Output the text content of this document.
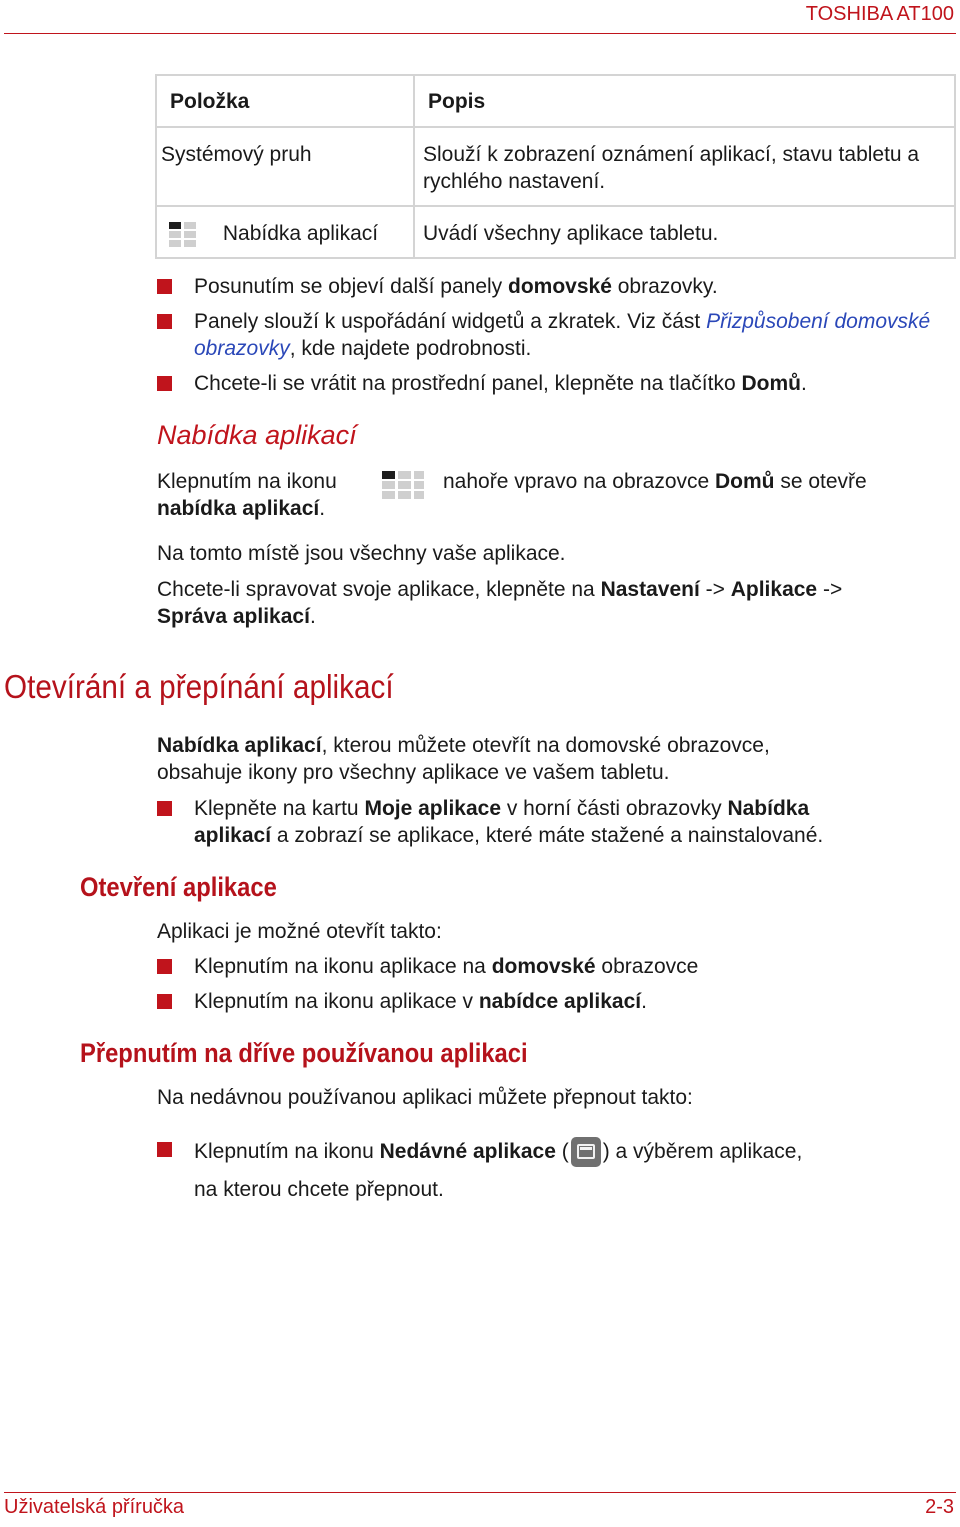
TOSHIBA AT100
Položka	Popis
Systémový pruh	Slouží k zobrazení oznámení aplikací, stavu tabletu a rychlého nastavení.

Nabídka aplikací	Uvádí všechny aplikace tabletu.
Posunutím se objeví další panely domovské obrazovky.
Panely slouží k uspořádání widgetů a zkratek. Viz část Přizpůsobení domovské obrazovky, kde najdete podrobnosti.
Chcete-li se vrátit na prostřední panel, klepněte na tlačítko Domů.
Nabídka aplikací
Klepnutím na ikonu	nahoře vpravo na obrazovce Domů se otevře
nabídka aplikací.
Na tomto místě jsou všechny vaše aplikace.
Chcete-li spravovat svoje aplikace, klepněte na Nastavení -> Aplikace ->
Správa aplikací.
Otevírání a přepínání aplikací
Nabídka aplikací, kterou můžete otevřít na domovské obrazovce,
obsahuje ikony pro všechny aplikace ve vašem tabletu.
Klepněte na kartu Moje aplikace v horní části obrazovky Nabídka
aplikací a zobrazí se aplikace, které máte stažené a nainstalované.
Otevření aplikace
Aplikaci je možné otevřít takto:
Klepnutím na ikonu aplikace na domovské obrazovce
Klepnutím na ikonu aplikace v nabídce aplikací.
Přepnutím na dříve používanou aplikaci
Na nedávnou používanou aplikaci můžete přepnout takto:
Klepnutím na ikonu Nedávné aplikace ( ) a výběrem aplikace,
na kterou chcete přepnout.
Uživatelská příručka	2-3
